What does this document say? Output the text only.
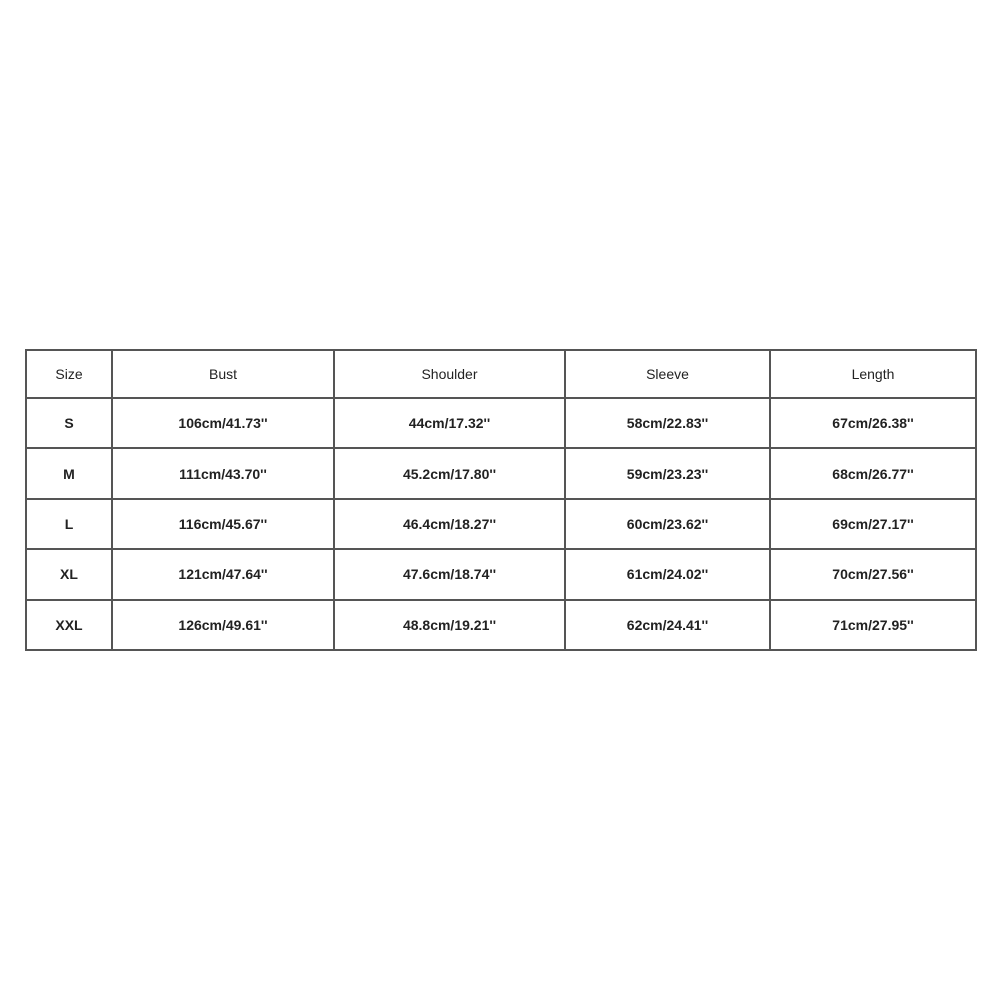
Size	Bust	Shoulder	Sleeve	Length
S	106cm/41.73''	44cm/17.32''	58cm/22.83''	67cm/26.38''
M	111cm/43.70''	45.2cm/17.80''	59cm/23.23''	68cm/26.77''
L	116cm/45.67''	46.4cm/18.27''	60cm/23.62''	69cm/27.17''
XL	121cm/47.64''	47.6cm/18.74''	61cm/24.02''	70cm/27.56''
XXL	126cm/49.61''	48.8cm/19.21''	62cm/24.41''	71cm/27.95''
